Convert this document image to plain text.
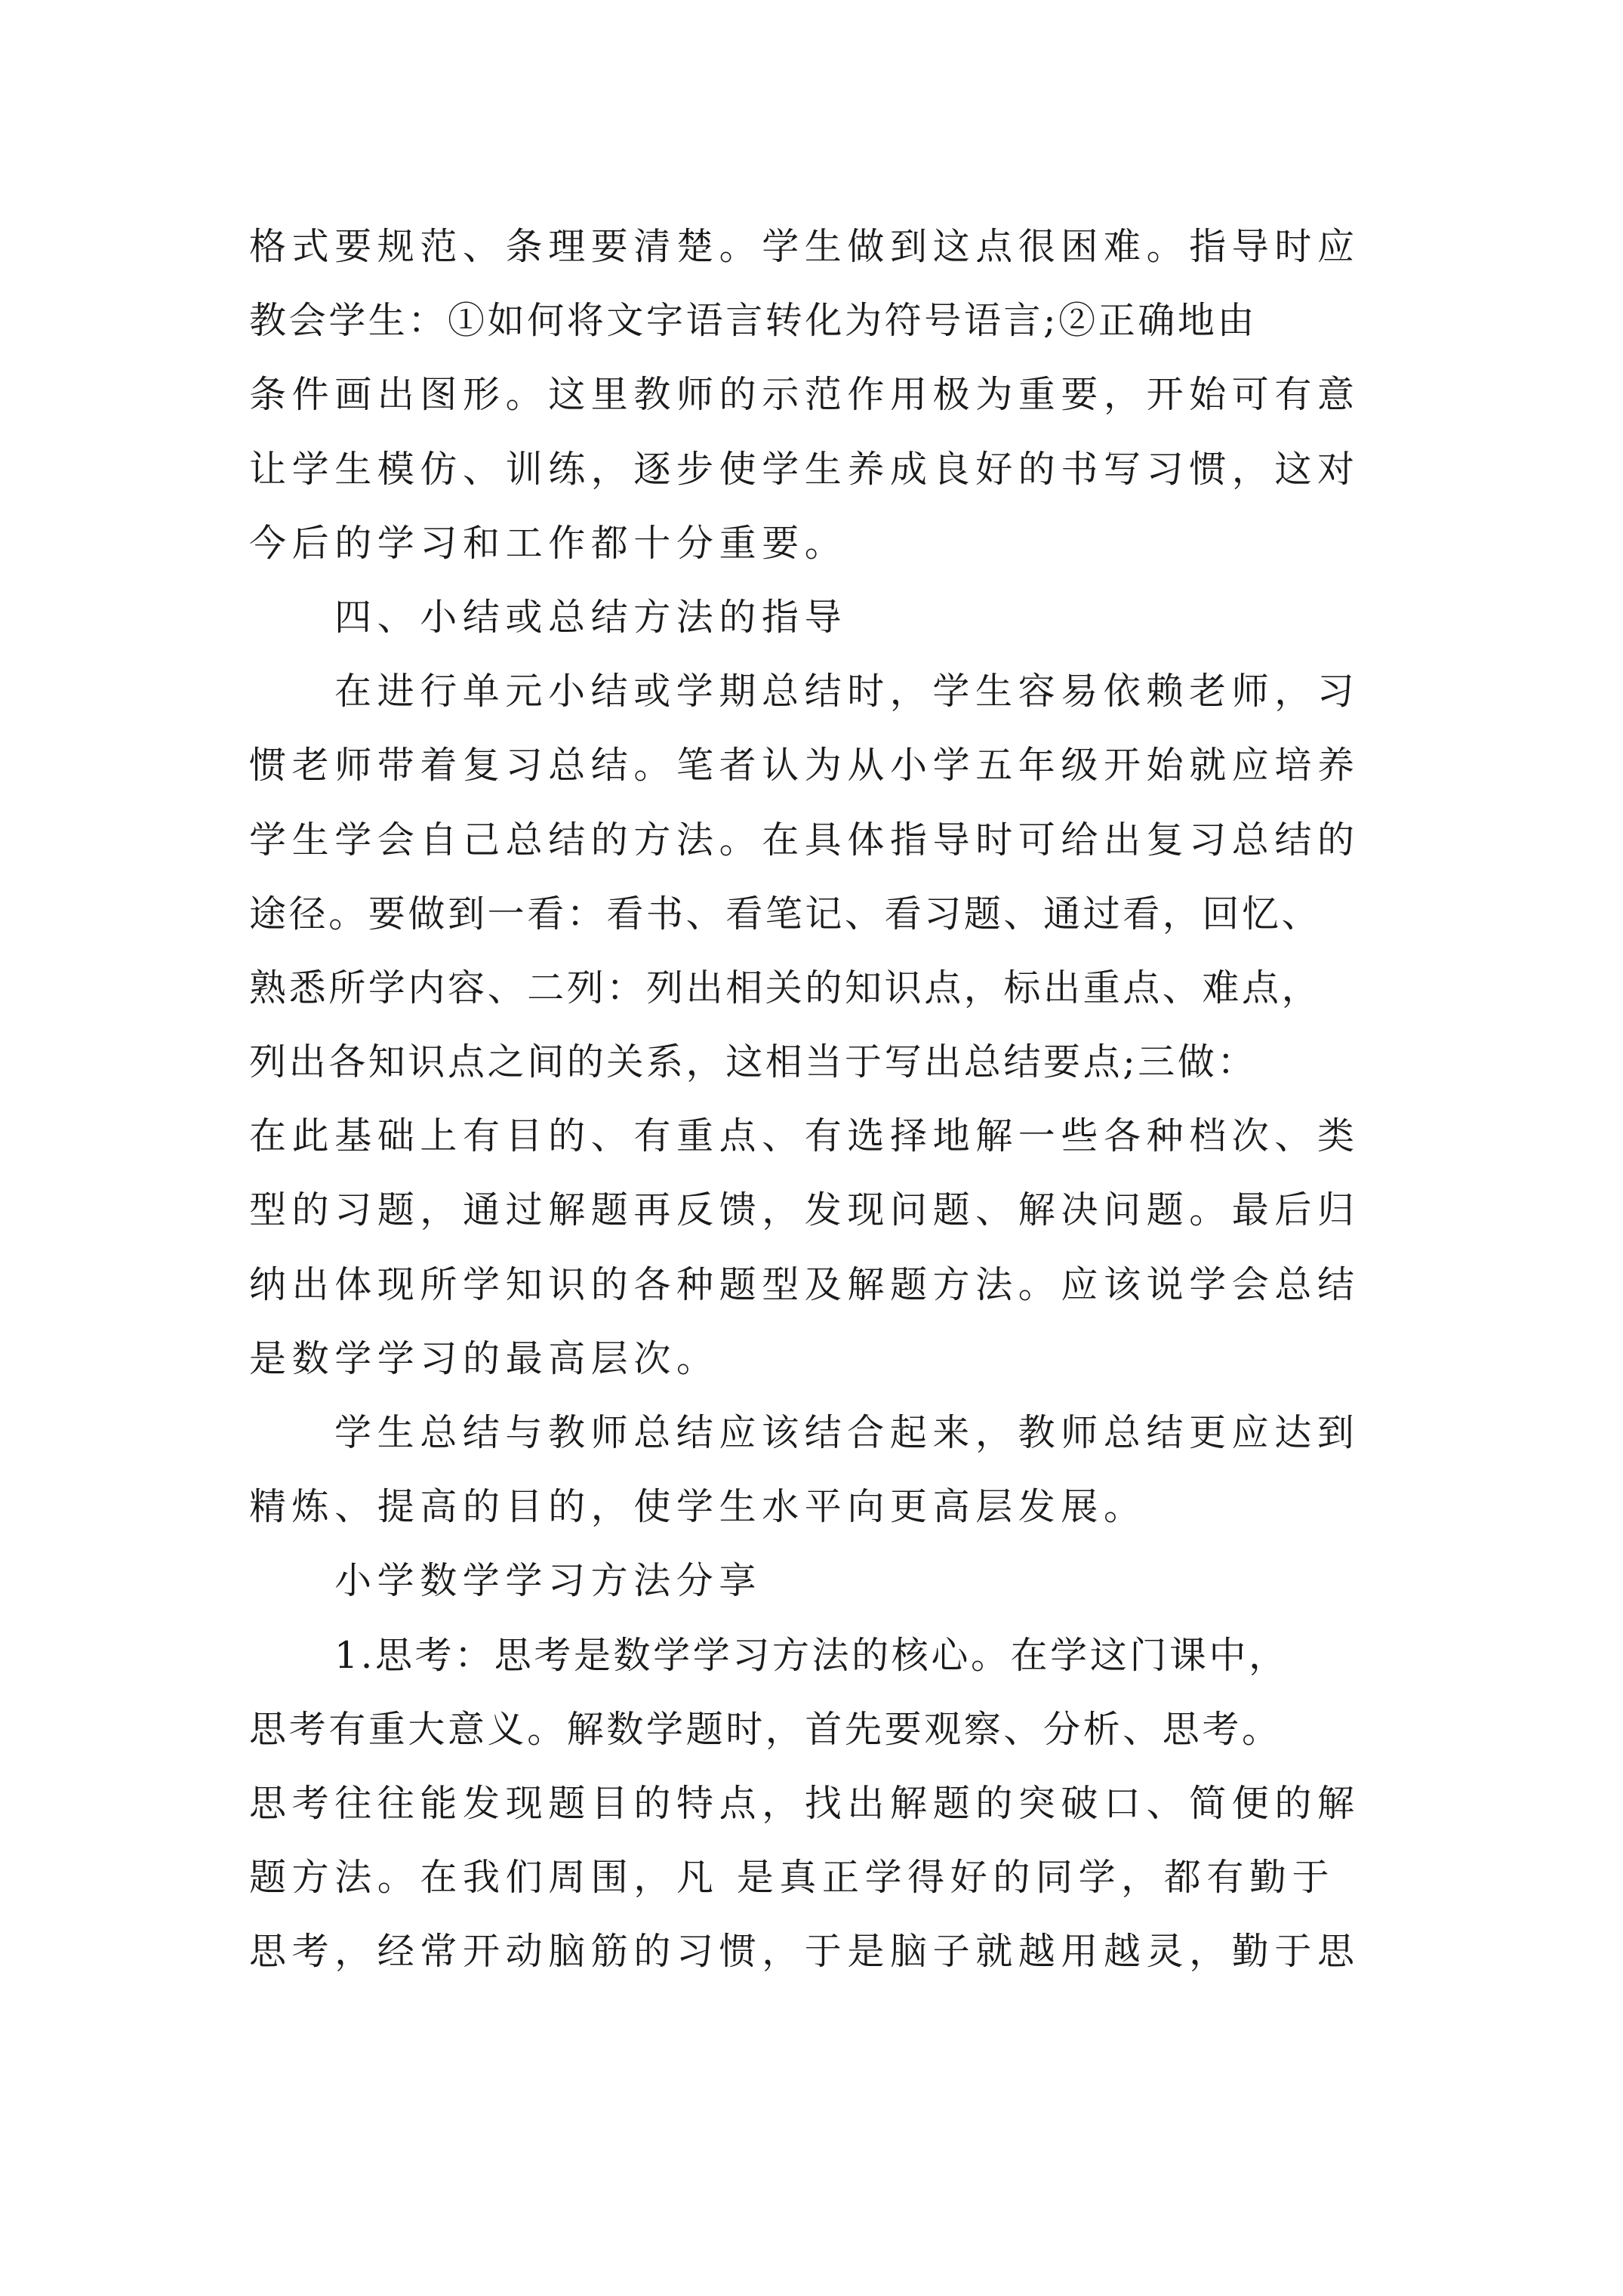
格式要规范、条理要清楚。学生做到这点很困难。指导时应
教会学生：①如何将文字语言转化为符号语言;②正确地由
条件画出图形。这里教师的示范作用极为重要，开始可有意
让学生模仿、训练，逐步使学生养成良好的书写习惯，这对
今后的学习和工作都十分重要。
四、小结或总结方法的指导
在进行单元小结或学期总结时，学生容易依赖老师，习
惯老师带着复习总结。笔者认为从小学五年级开始就应培养
学生学会自己总结的方法。在具体指导时可给出复习总结的
途径。要做到一看：看书、看笔记、看习题、通过看，回忆、
熟悉所学内容、二列：列出相关的知识点，标出重点、难点，
列出各知识点之间的关系，这相当于写出总结要点;三做：
在此基础上有目的、有重点、有选择地解一些各种档次、类
型的习题，通过解题再反馈，发现问题、解决问题。最后归
纳出体现所学知识的各种题型及解题方法。应该说学会总结
是数学学习的最高层次。
学生总结与教师总结应该结合起来，教师总结更应达到
精炼、提高的目的，使学生水平向更高层发展。
小学数学学习方法分享
1.思考：思考是数学学习方法的核心。在学这门课中，
思考有重大意义。解数学题时，首先要观察、分析、思考。
思考往往能发现题目的特点，找出解题的突破口、简便的解
题方法。在我们周围，凡 是真正学得好的同学，都有勤于
思考，经常开动脑筋的习惯，于是脑子就越用越灵，勤于思
